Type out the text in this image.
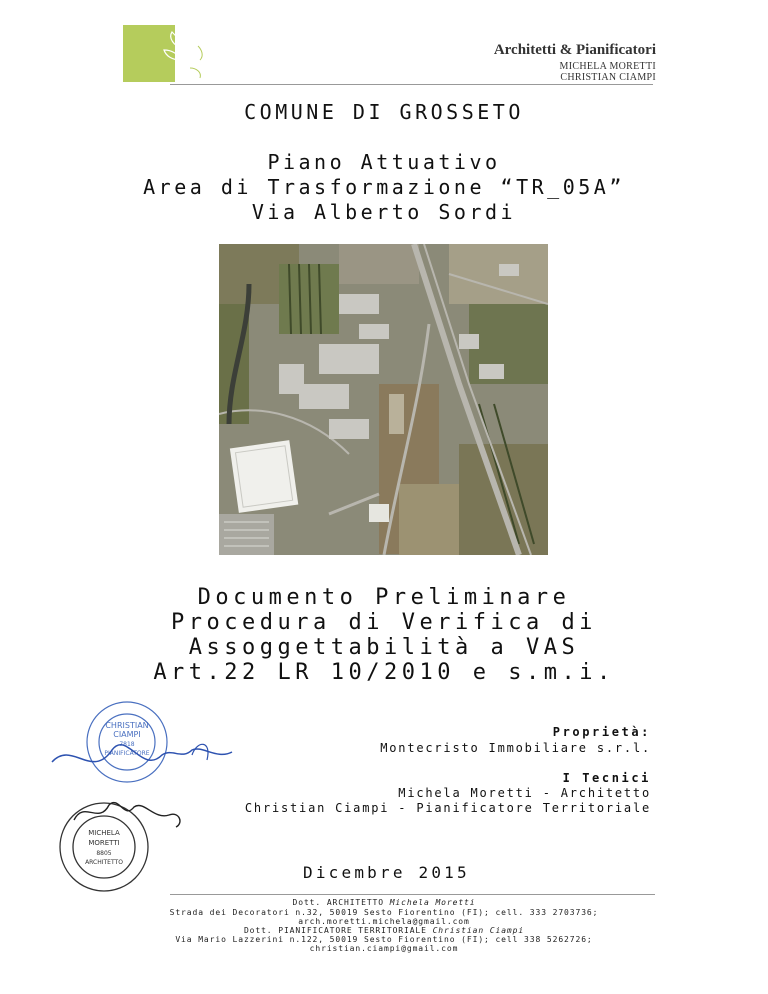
Architetti & Pianificatori
MICHELA MORETTI
CHRISTIAN CIAMPI
COMUNE DI GROSSETO
Piano Attuativo
Area di Trasformazione “TR_05A”
Via Alberto Sordi
Documento Preliminare
Procedura di Verifica di
Assoggettabilità a VAS
Art.22 LR 10/2010 e s.m.i.
CHRISTIAN
CIAMPI
7818
PIANIFICATORE
Proprietà:
Montecristo Immobiliare s.r.l.
I Tecnici
Michela Moretti - Architetto
Christian Ciampi - Pianificatore Territoriale
MICHELA
MORETTI
8805
ARCHITETTO
Dicembre 2015
Dott. ARCHITETTO Michela Moretti
Strada dei Decoratori n.32, 50019 Sesto Fiorentino (FI); cell. 333 2703736;
arch.moretti.michela@gmail.com
Dott. PIANIFICATORE TERRITORIALE Christian Ciampi
Via Mario Lazzerini n.122, 50019 Sesto Fiorentino (FI); cell 338 5262726;
christian.ciampi@gmail.com
